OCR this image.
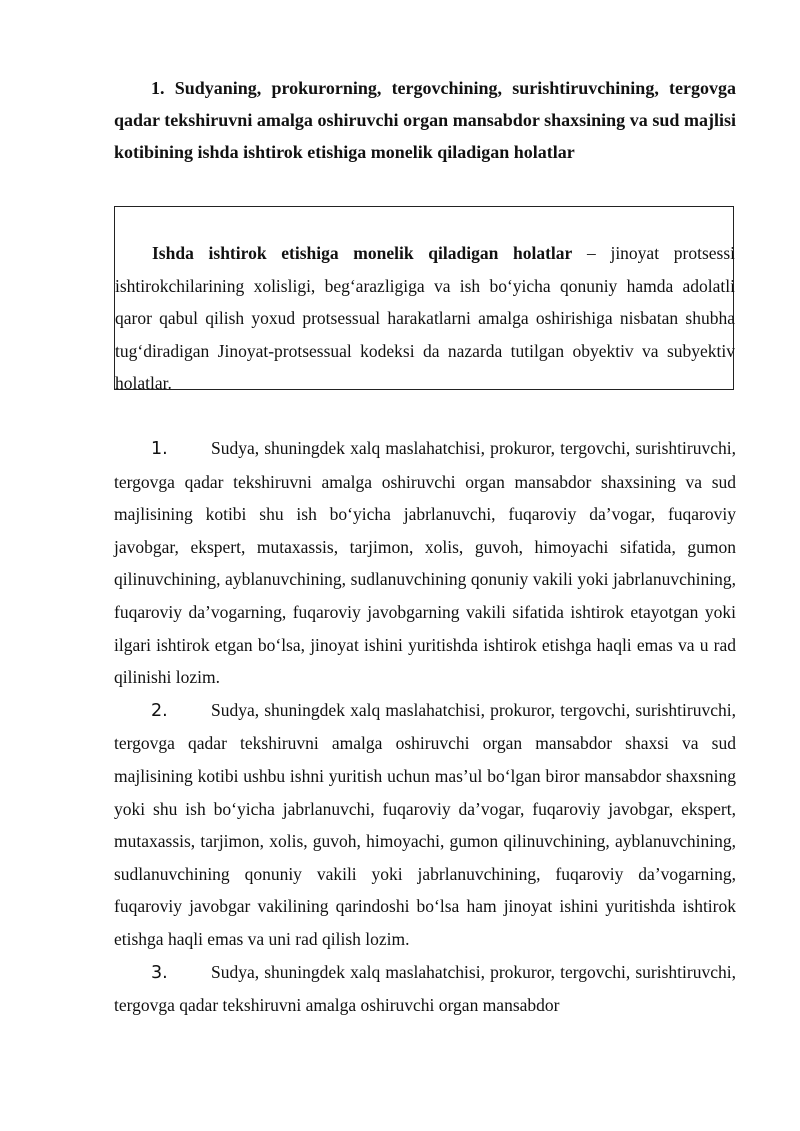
1. Sudyaning, prokurorning, tergovchining, surishtiruvchining, tergovga qadar tekshiruvni amalga oshiruvchi organ mansabdor shaxsining va sud majlisi kotibining ishda ishtirok etishiga monelik qiladigan holatlar
Ishda ishtirok etishiga monelik qiladigan holatlar – jinoyat protsessi ishtirokchilarining xolisligi, beg‘arazligiga va ish bo‘yicha qonuniy hamda adolatli qaror qabul qilish yoxud protsessual harakatlarni amalga oshirishiga nisbatan shubha tug‘diradigan Jinoyat-protsessual kodeksi da nazarda tutilgan obyektiv va subyektiv holatlar.

1. Sudya, shuningdek xalq maslahatchisi, prokuror, tergovchi, surishtiruvchi, tergovga qadar tekshiruvni amalga oshiruvchi organ mansabdor shaxsining va sud majlisining kotibi shu ish bo‘yicha jabrlanuvchi, fuqaroviy da’vogar, fuqaroviy javobgar, ekspert, mutaxassis, tarjimon, xolis, guvoh, himoyachi sifatida, gumon qilinuvchining, ayblanuvchining, sudlanuvchining qonuniy vakili yoki jabrlanuvchining, fuqaroviy da’vogarning, fuqaroviy javobgarning vakili sifatida ishtirok etayotgan yoki ilgari ishtirok etgan bo‘lsa, jinoyat ishini yuritishda ishtirok etishga haqli emas va u rad qilinishi lozim.

2. Sudya, shuningdek xalq maslahatchisi, prokuror, tergovchi, surishtiruvchi, tergovga qadar tekshiruvni amalga oshiruvchi organ mansabdor shaxsi va sud majlisining kotibi ushbu ishni yuritish uchun mas’ul bo‘lgan biror mansabdor shaxsning yoki shu ish bo‘yicha jabrlanuvchi, fuqaroviy da’vogar, fuqaroviy javobgar, ekspert, mutaxassis, tarjimon, xolis, guvoh, himoyachi, gumon qilinuvchining, ayblanuvchining, sudlanuvchining qonuniy vakili yoki jabrlanuvchining, fuqaroviy da’vogarning, fuqaroviy javobgar vakilining qarindoshi bo‘lsa ham jinoyat ishini yuritishda ishtirok etishga haqli emas va uni rad qilish lozim.

3. Sudya, shuningdek xalq maslahatchisi, prokuror, tergovchi, surishtiruvchi, tergovga qadar tekshiruvni amalga oshiruvchi organ mansabdor
